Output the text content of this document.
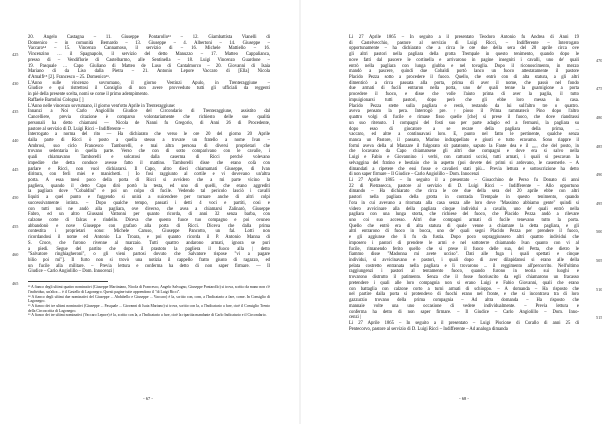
20. Angelo Castagna – 11. Giuseppe Pontarollo¹³ – 12. Giambattista Vianelli di
Domenico – in comunità Bernardo – 13. Giuseppe – 4. Albertoni – 14. Giuseppe –
Vaccaro¹⁴ – 15. Vincenzo Cannamoso, il servizio di – 16. Michele Mattiello – 16.
Vincenzino … il Spagnapolo, il servizio del detto Manuzzo – 17. Matteo Cappalianca,
presso di – Vendiflorie di Castelbarmo, alle Sentinella – 18. Luigi Vincenzo Guardone –
19. Pasquale … Capo Giuliano di Matteo de Luso di Cantalmorco – 20. Giovanni di Isaia
Mariano di da Liso dalla Pietra – 21. Antonio Lepore Vaccaro di [Ella] Nicola
d'Amalfi¹⁵ [2]. Francesco – 25. Domenico¹⁶.
L'Anno sulle vincenzo sovrumano, il giorno Vestinzi Apulo, in Trenteraggiune –
Giudice e qui ristrettosi il Consiglio di non avere provveduto tutti gli ufficiali da reggenti
in piè della presente scelta, nomi se come il primo adempimento.
Raffaele Bartolini Cologna [ ]
L'Anno nelle vincenzo sovrumano, il giorno vent'otto Aprile in Trenteraggiune:
Innanzi a Noi Carlo Angiolillo Giudice del Circondario di Trenteraggiune, assistito dal
Cancelliere, previa citazione è comparso volontariamente che richiesto delle sue qualità
personali ha detto chiamarsi — Nicola de Nanni fu Gregorio, di Anni 26 di Procedente,
pastore al servizio di D. Luigi Ricci – Indifferente –
Interrogato a norma del rito — Ha dichiarato che verso le ore 20 del giorno 20 Aprile
dalla parte di Ricci ò posto a quella stesso a trovare un fratello a nome Ivan –
Ambrosi, suo ciclo Francesco Tamborelli, e mai altra persona di diversi proprietari che
trovano sedentaria in quella parte. Verso che con di sotto comparivano con le cavalle, i
quali chiamavano Tamborelli e solcatosi dalla caserma di Ricci perché volevano
impedire che detta conduce avesse fatto il mattino. Tamborelli disse che erano colà con
parlare e Ricci, non vuol dichiararsi. Il Capo, altro dieci chiamamati Giuseppe, di Ivan
diritura, con ferli miei e manichetti. | Io fosi raggiunto al cortile e vi dovevano un'altra
porta. A essa mesi poco della porta di Ricci si avvidero che a mi parte vicino la
pagliera, quando il detto Capo dirò portò la testa, ed uno di quelli, che erano aggrediti
la pagliara dove "Cobaldini" e poi un colpo di fucile. Vedendo tal pericolo lasciò i cavalli
liquiti a quel punto e fuggendo si unirà a suicendere per tornare anche di altri colpi
successivamente istinta. – Dopo qualche tempo, passati i detti 4 voci e partiti, così e
con tutti noi ne andò alla pagliara, ove diverso, che avea a chiamarsi Zalinarò, Giuseppe
Fabro, ed un altro Giussani Vattonni per quanto ricorda, di anni 32 senza barba, con
calzone corte di falcas e rindello. Diceva che questo fuoce tuo compagno e poi ovuneo
abbandonò e nove Giuseppe con grafaro alla porta di Ricci. Diceva che dalla prima
contestita i proprietari sono: Michele Caruso, Giuseppe Pancotto, un fal. Lotti non
ricordandosi il nome ed Antonio La Troara, e poi quanto ricorda il P. Antonio Manna di
S. Croce, che furono rivenne al marzaio. Tutti quattro andarono armati, ignora se puri
a piedi. Segue del partito che dopo il prastoto la pagliera il fuoco alla | detto
"Salvatore ringhiagheroni", o gli vieni partosi dovuto che Salvatore rispose "vi a pagare
bilio poi mi"]. Il furto non si trovò una notizia il cappello fratto giusto di ragazzo, ed
un fucile alla militare. – Previa lettura e conferma ha detto di non saper firmare. — Il
Giudice – Carlo Angiolillo – Dom. Innocenzi |
¹³ A fianco degli ultimi quattro nominativi (Giuseppe Martiniano, Nicola di Francesco, Angelo Salvagno, Giuseppe Pontarollo) si trova, scritto da mano non c'è l'individuo, un'altra ... è il Castello di Lagonegro. Questi pagine tutte apprendono il "di Luigi Ricci".
¹⁴ A fianco degli ultimi due nominativi del Giuseppe ... Abdabello e Giuseppe ... Vaccaro) è la, scritto con, com, a l'Indicatario a fare, come. In Consiglio di Lagonegro.
¹⁵ A fianco dei tre ultimi nominativi (Giuseppe ... Pasquale ... Giovanni di Isaia Mariano) si trova, scritto con la, a l'Indicatario a fare, cioè il Consiglio Trento della Circoscritta di Lagonegro.
¹⁶ A fianco dei tre ultimi nominativi (Vaccaro Lepore) è la, scritto con la, a l'Indicatario a fare, cioè la ripartita mandante di Carlo Indicatario e il Circondario.
- 67 -
425
430
435
440
445
450
455
460
465
Li 27 Aprile 1865 – In seguito a il presentato Teodoro Antonio fu Andrea di Anni 19
di Castelvecchio, pastore al servizio di Luigi Ricci, – Indifferente – Interrogato
opportunamente – ha dichiarato che a circa le ore due della sera del 20 aprile circa ove
gli altri pastori nella pagliara della grotta Trempale in questo tenimento, quando dopo le
nove fatti dal pascere le cortinella e arrivarono in pagine insegniti i cavalli, uno de' quali
entrò nella pagliara con lunga giubba e nel tovaglia. Dopo il riconoscimento, in mezzo
mandò a pascere, quindi due Cobaldi portò lanco un fuoco attestatamente il pastore
Placido Pezza sotto a procedere il fuoco. Quello, che entrò con di alta statura, a gli altri
dimenticò a circa passata alla porta, prima di aver il nome, che passò nel fondo
due armati di fucili entraron nella porta, uno de' quali tenne la guarnigione a porta
procedere il fuoco, e disse che volle l'aiuto prima di aver la paglia, il tutto
impuigionarsi tutti pastori, dopo però che gli ebbe loro messa in casa.
Placido Pezza stette sulla pagliara e restò, restando da lui sull'altro tre o quattro.
aveva pensato la pera. Interrogò pre. ↑ pioso il Prima rammatecò Pino dopo l'altro
quattro volgi di fucile e rimase fisso quelle [che] si prese il fuoco, che dove riandrassi
un suo ritenuto. I compagni del fosti suo per parte adagio ed a fermarsi, la pagliara su
dopo esso di giocatore a se recare della pagliara della prima, ...
vaccaro, ed altre a continuavasi loro. E, punto nel fatto le pertinente, qualche senza
manca un Pastore, il passato, Marino indrappellato e giusti e tutto eravamo. Sono riappre il
formi aveva della al Manzare il fulgorato sit patatonte, saputo la Fante dea e il ,,,,, che del posto, in
che locavano da Capo chiamatsene gli altri due compagni e dove era si salvo nella
Luigi e Fabio e Giovannino i verbi, con catturati uccisi, tutti armati, i quali si pescavan la
selvaggina del fratino e bestiaio che in aspetto (poi dovete dei primi si ardevano, le casemerle. – A
dimandati a ripetere che essi fosse e cavalieri stati più... Previa lettura e sottoscrizione ha detto
di non saper firmare – Il Giudice – Carlo Angiolillo – Dom. Innocenzi
Li 27 Aprile 1865 – In seguito il a presentato – Gioacchino de Perso fu Donato di anni
22 di Pietrasecca, pastore al servizio di D. Luigi Ricci – Indifferente – Allo opportuno
dimando – Ha dichiarato che circa le ore due della sera del 20 aprile ebbe con altri
pastori nella pagliara della grotta in contrada Trempale in questo tenimento, quando
l'ora in cui avevano a ritornata alla casa senza alle loro dove "Massimo abbiamo gente" quindi si
videro avvicinare alla della pagliara cinque individui a cavallo, uno de' quali entrò nella
pagliara con una lunga storta, che richiese del fuoco, che Placido Pezza andò a rilevare
uno coi suo accesso. Altri due compagni armati di fucile tenevano tutto la porta.
Quello che entrò era di alta statura di quale venne a chiamare la detta pagliara, e gli
altri entrarono di fuoco in bocca, uno de' quali segni Placido Pezza per prendere il fuoco,
e gli aggiunse che li fu da fustia. Dopo poco sopraggiunsero altri quattro individui che
imposero i pastori di prendere le armi e nel sottoterre chiamando Ivan quanto con vi al
fucile, rimanendo ferito quello che si prese il fuoco delle sua, del Petta, che dietro le
fiammo disse "Madonna mi avete ucciso". Dati alle fuga i quali spettati e cinque
individui, si avvicinavano e pastori, i quali dopo di aver dilapidatosi si erano alle della
pelata costretto entranata nella pagliara e lì trovarono ... il reggimento all'percorrito. Nell'ultimo
raggiungenzi i pastori al tentamento fuoco, quando furono in teoria sui luoghi e
trovarono distrutto il patimento. Senza che il fosse fuoriuscito da egli chiamarono un fracasso
pretendere i quali alle loro compagnia non si erano Luigi e Fabio Giovanni, quali che erano
con battaglia con calzone corto a turni armati di schioppo. – A domanda – Ha risposto che
nel partire dalla porta si protendevo di fuochi erano nel fronte, e che si incontrava tra di loro
gazzurzio trovano della prima compagnia – Ad altra domanda – Ha risposto che
mannaie volte una uno occasione di vedere individualmente. – Previa lettura e
conferma ha detto di non saper firmare. – Il Giudice – Carlo Angiolillo – Dom. Inno-
cenzi |
Li 27 Aprile 1865 – In seguito a il presentato – Luigi Piscione di Corallo di anni 25 di
Pentecorvo, pastore al servizio di D. Luigi Ricci – Indifferente – Ad analoga dimanda
- 68 -
470
475
480
485
490
495
500
505
510
515
